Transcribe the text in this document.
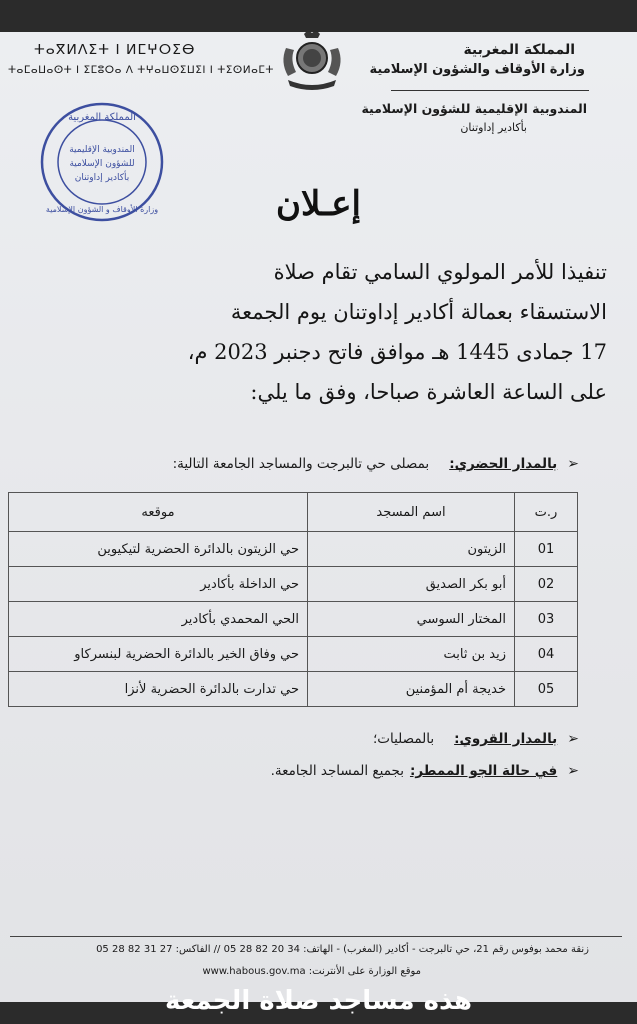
ⵜⴰⴳⵍⴷⵉⵜ ⵏ ⵍⵎⵖⵔⵉⴱ
ⵜⴰⵎⴰⵡⴰⵙⵜ ⵏ ⵉⵎⵓⵔⴰ ⴷ ⵜⵖⴰⵡⵙⵉⵡⵉⵏ ⵏ ⵜⵉⵙⵍⴰⵎⵜ
المملكة المغربية
وزارة الأوقاف والشؤون الإسلامية
المندوبية الإقليمية للشؤون الإسلامية
بأكادير إداوتنان
المملكة المغربية
وزارة الأوقاف و الشؤون الإسلامية
المندوبية الإقليمية
للشؤون الإسلامية
بأكادير إداوتنان
إعـلان
تنفيذا للأمر المولوي السامي تقام صلاة
الاستسقاء بعمالة أكادير إداوتنان يوم الجمعة
17 جمادى 1445 هـ موافق فاتح دجنبر 2023 م،
على الساعة العاشرة صباحا، وفق ما يلي:
➢بالمدار الحضري:بمصلى حي تالبرجت والمساجد الجامعة التالية:
ر.ت	اسم المسجد	موقعه
01	الزيتون	حي الزيتون بالدائرة الحضرية لتيكيوين
02	أبو بكر الصديق	حي الداخلة بأكادير
03	المختار السوسي	الحي المحمدي بأكادير
04	زيد بن ثابت	حي وفاق الخير بالدائرة الحضرية لبنسركاو
05	خديجة أم المؤمنين	حي تدارت بالدائرة الحضرية لأنزا
➢بالمدار القروي:بالمصليات؛
➢في حالة الجو الممطر:بجميع المساجد الجامعة.
زنقة محمد بوفوس رقم 21، حي تالبرجت - أكادير (المغرب) - الهاتف: 34 20 82 28 05 // الفاكس: 27 31 82 28 05
موقع الوزارة على الأنترنت: www.habous.gov.ma
هذه مساجد صلاة الجمعة
